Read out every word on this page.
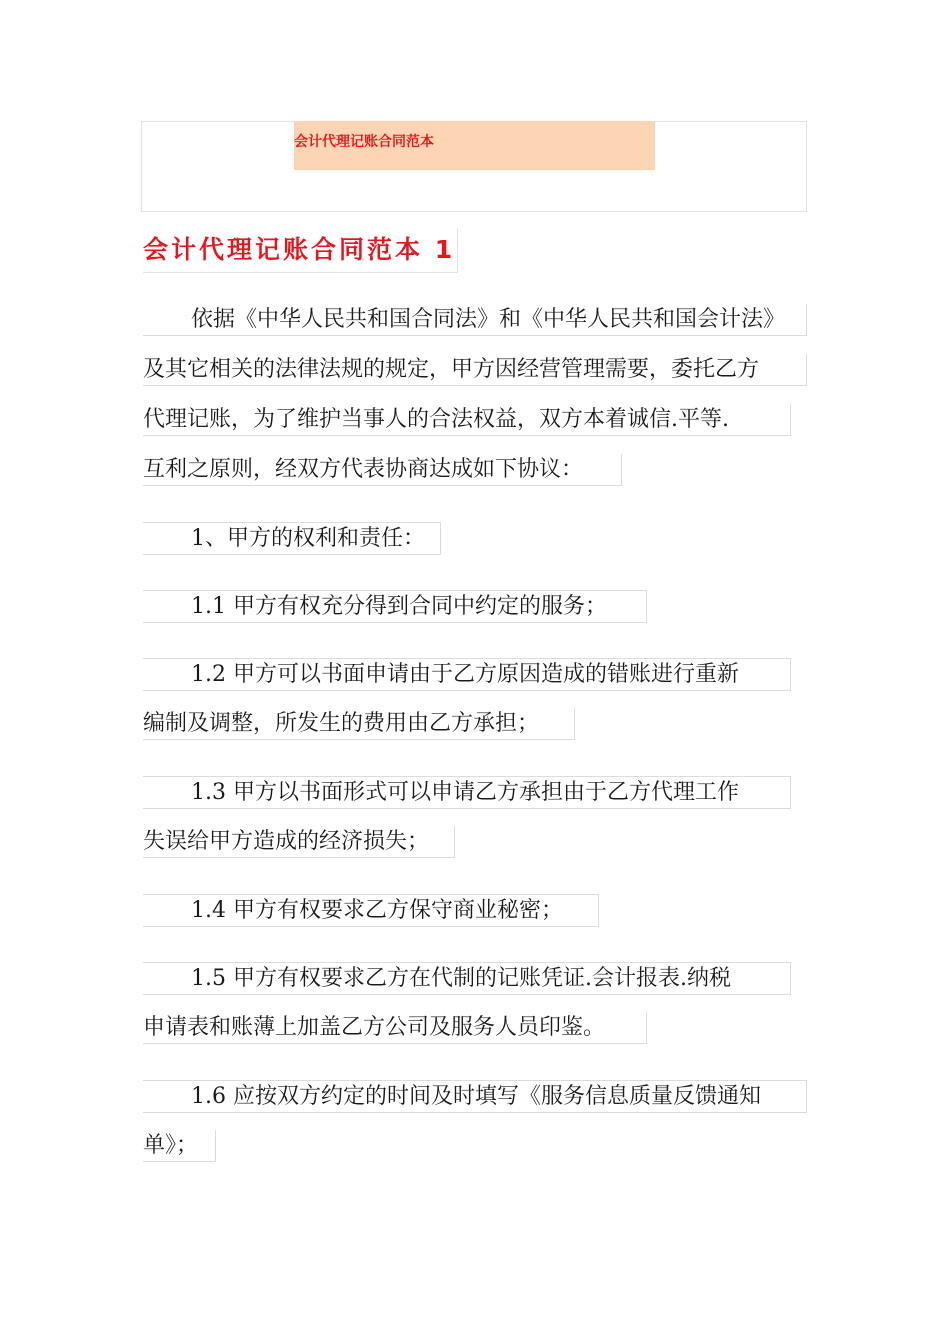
会计代理记账合同范本
会计代理记账合同范本 1
依据《中华人民共和国合同法》和《中华人民共和国会计法》
及其它相关的法律法规的规定，甲方因经营管理需要，委托乙方
代理记账，为了维护当事人的合法权益，双方本着诚信.平等.
互利之原则，经双方代表协商达成如下协议：
1、甲方的权利和责任：
1.1 甲方有权充分得到合同中约定的服务；
1.2 甲方可以书面申请由于乙方原因造成的错账进行重新
编制及调整，所发生的费用由乙方承担；
1.3 甲方以书面形式可以申请乙方承担由于乙方代理工作
失误给甲方造成的经济损失；
1.4 甲方有权要求乙方保守商业秘密；
1.5 甲方有权要求乙方在代制的记账凭证.会计报表.纳税
申请表和账薄上加盖乙方公司及服务人员印鉴。
1.6 应按双方约定的时间及时填写《服务信息质量反馈通知
单》；
